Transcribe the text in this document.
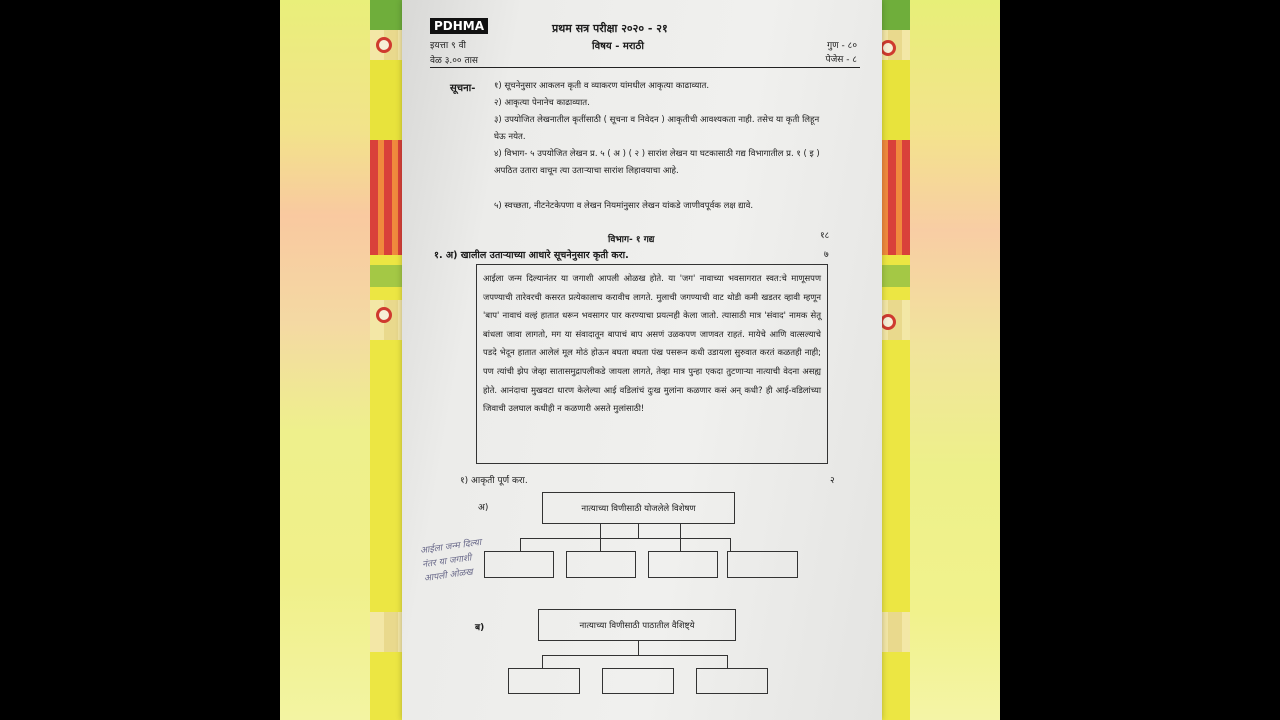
PDHMA	प्रथम सत्र परीक्षा २०२० - २१
विषय - मराठी
इयत्ता ९ वी
वेळ ३.०० तास
गुण - ८०
पेजेस - ८
सूचना- १) सूचनेनुसार आकलन कृती व व्याकरण यांमधील आकृत्या काढाव्यात.
२) आकृत्या पेनानेच काढाव्यात.
३) उपयोजित लेखनातील कृतींसाठी ( सूचना व निवेदन ) आकृतीची आवश्यकता नाही. तसेच या कृती लिहून घेऊ नयेत.
४) विभाग- ५ उपयोजित लेखन प्र. ५ ( अ ) ( २ ) सारांश लेखन या घटकासाठी गद्य विभागातील प्र. १ ( इ ) अपठित उतारा वाचून त्या उताऱ्याचा सारांश लिहावयाचा आहे.
५) स्वच्छता, नीटनेटकेपणा व लेखन नियमांनुसार लेखन यांकडे जाणीवपूर्वक लक्ष द्यावे.
विभाग- १ गद्य	१८
१. अ) खालील उताऱ्याच्या आधारे सूचनेनुसार कृती करा.	७
आईला जन्म दिल्यानंतर या जगाशी आपली ओळख होते. या 'जग' नावाच्या भवसागरात स्वत:चे माणूसपण जपण्याची तारेवरची कसरत प्रत्येकालाच करावीच लागते. मुलाची जगण्याची वाट थोडी कमी खडतर व्हावी म्हणून 'बाप' नावाचं वल्हं हातात धरून भवसागर पार करण्याचा प्रयत्नही केला जातो. त्यासाठी मात्र 'संवाद' नामक सेतू बांधला जावा लागतो, मग या संवादातून बापाचं बाप असणं उळकपण जाणवत राहतं. मायेचे आणि वात्सल्याचे पडदे भेदून हातात आलेलं मूल मोठं होऊन बघता बघता पंख पसरून कधी उडायला सुरुवात करतं कळतही नाही; पण त्यांची झेप जेव्हा सातासमुद्रापलीकडे जायला लागते, तेव्हा मात्र पुन्हा एकदा तुटणाऱ्या नात्याची वेदना असह्य होते. आनंदाचा मुखवटा धारण केलेल्या आई वडिलांचं दुःख मुलांना कळणार कसं अन् कधी? ही आई-वडिलांच्या जिवाची उलघाल कधीही न कळणारी असते मुलांसाठी!
१) आकृती पूर्ण करा.	२
अ)	नात्याच्या विणीसाठी योजलेले विशेषण
आईला जन्म दिल्या
नंतर या जगाशी
आपली ओळख
ब)	नात्याच्या विणीसाठी पाठातील वैशिष्ट्ये
